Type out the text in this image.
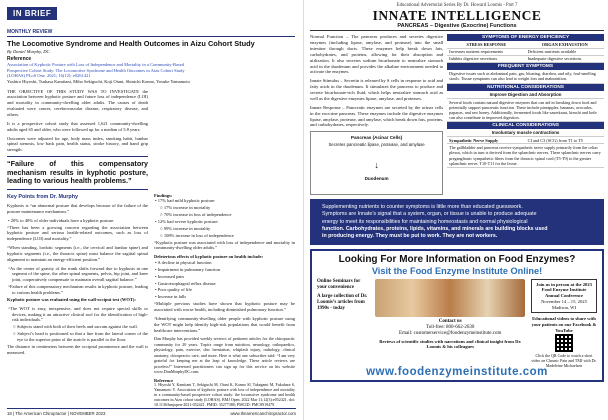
IN BRIEF
MONTHLY REVIEW
The Locomotive Syndrome and Health Outcomes in Aizu Cohort Study
By Daniel Murphy, DC
Reference
Association of Kyphotic Posture with Loss of Independence and Mortality in a Community-Based
Prospective Cohort Study: The Locomotive Syndrome and Health Outcomes in Aizu Cohort Study
(LOHAS) PLoS One. 2021; 16(12): e0261421
Yoshiro Hiyoshi, Tsukasa Kamitani, Miho Sekiguchi, Koji Otani, Shinichi Konno, Yosuke Yamamoto
THE OBJECTIVE OF THIS STUDY WAS TO INVESTIGATE the association between kyphotic posture and future loss of independence (LOI) and mortality in community-dwelling older adults. The causes of death evaluated were cancer, cerebrovascular disease, respiratory disease, and others.
It is a prospective cohort study that assessed 1,621 community-dwelling adults aged 65 and older, who were followed up for a median of 5.8 years.
Outcomes were adjusted for age, body mass index, smoking habit, lumbar spinal stenosis, low back pain, health status, stroke history, and hand grip strength.
“Failure of this compensatory mechanism results in kyphotic posture, leading to various health problems.”
Key Points from Dr. Murphy
Kyphosis is “an abnormal posture that develops because of the failure of the posture maintenance mechanism.”
• 20% to 40% of older individuals have a kyphotic posture.
“There has been a growing concern regarding the association between kyphotic posture and serious health-related outcomes, such as loss of independence (LOI) and mortality.”
“When standing, lordotic segments (i.e., the cervical and lumbar spine) and kyphotic segments (i.e., the thoracic spine) must balance the sagittal spinal alignment to maintain an energy-efficient position.”
“As the center of gravity of the trunk shifts forward due to kyphosis in one segment of the spine, the other spinal segments, pelvis, hip joint, and knee joint, cooperatively compensate to maintain overall sagittal balance.”
“Failure of this compensatory mechanism results in kyphotic posture, leading to various health problems.”
Kyphotic posture was evaluated using the wall-occiput test (WOT):
“The WOT is easy, inexpensive, and does not require special skills or devices, making it an attractive clinical tool for the identification of high-risk individuals.”
○ Subjects stand with both of their heels and sacrum against the wall.
○ Subject’s head is positioned so that a line from the lateral corner of the eye to the superior point of the auricle is parallel to the floor.
The distance in centimeters between the occipital prominence and the wall is measured.
Findings:
• 17% had mild kyphotic posture:
○ 17% increase in mortality
○ 70% increase in loss of independence
• 12% had severe kyphotic posture:
○ 99% increase in mortality
○ 108% increase in loss of independence
“Kyphotic posture was associated with loss of independence and mortality in community-dwelling older adults.”
Deleterious effects of kyphotic posture on health include:
• A decline in physical function
• Impairment in pulmonary function
• Increased pain
• Gastroesophageal reflux disease
• Poor quality of life
• Increase in falls
“Multiple previous studies have shown that kyphotic posture may be associated with worse health, including diminished pulmonary function.”
“Identifying community-dwelling older people with kyphotic posture using the WOT might help identify high-risk populations that would benefit from healthcare interventions.”
Dan Murphy has provided weekly reviews of pertinent articles for the chiropractic community for 20 years. Topics range from nutrition, neurology, orthopaedics, physiology, pain, exercise, disc herniation, whiplash injury, radiology, clinical anatomy, chiropractic care, and more. Here is what one subscriber said: “I am very grateful for keeping me at the leap of knowledge. These article reviews are priceless!” Interested practitioners can sign up for this service on his website www.DanMurphyDC.com.
Reference
1. Hiyoshi Y, Kamitani T, Sekiguchi M, Otani K, Konno SI, Takegami M, Fukuhara S, Yamamoto Y. Association of kyphotic posture with loss of independence and mortality in a community-based prospective cohort study: the locomotive syndrome and health outcomes in Aizu cohort study (LOHAS). BMJ Open. 2022 Mar 11;12(3):e052421. doi: 10.1136/bmjopen-2021-052421. PMID: 35277380; PMCID: PMC8919479.
18 | The American Chiropractor | NOVEMBER 2023	www.theamericanchiropractor.com
Educational Advertorial Series By Dr. Howard Loomis - Part 7
INNATE INTELLIGENCE
PANCREAS – Digestive (Exocrine) Functions
Normal Function – The pancreas produces and secretes digestive enzymes (including lipase, amylase, and protease) into the small intestine through ducts. These enzymes help break down fats, carbohydrates, and proteins, allowing for their absorption and utilization. It also secretes sodium bicarbonate to neutralize stomach acid in the duodenum and provides the alkaline environment needed to activate the enzymes.
Innate Stimulus – Secretin is released by S cells in response to acid and fatty acids in the duodenum. It stimulates the pancreas to produce and secrete bicarbonate-rich fluid, which helps neutralize stomach acid as well as the digestive enzymes lipase, amylase, and proteases.
Innate Response – Pancreatic enzymes are secreted by the acinar cells in the exocrine pancreas. These enzymes include the digestive enzymes lipase, amylase, protease, and amylase, which break down fats, proteins, and carbohydrates, respectively.
Pancreas (Acinar Cells)
Secretes pancreatic lipase, protease, and amylase
↓
Duodenum
SYMPTOMS OF ENERGY DEFICIENCY
STRESS RESPONSE	ORGAN EXHAUSTION
Increases nutrient requirements	Deficient nutrients available
Inhibits digestive secretions	Inadequate digestive secretions
FREQUENT SYMPTOMS
Digestive issues such as abdominal pain, gas, bloating, diarrhea, and oily, foul-smelling stools. Tissue symptoms can also lead to weight loss and malnutrition.
NUTRITIONAL CONSIDERATIONS
Improve Digestion and Absorption
Several foods contain natural digestive enzymes that can aid in breaking down food and potentially support pancreatic function. These include pineapples, bananas, avocados, papayas, and raw honey. Additionally, fermented foods like sauerkraut, kimchi and kefir can also contribute to improved digestion.
CLINICAL CONSIDERATIONS
Involuntary muscle contractions
Sympathetic Nerve Supply	CI and C3 (SCG) from T1 to T5
The gallbladder and pancreas receive sympathetic nerve supply primarily from the celiac plexus, which in turn is derived from the splanchnic nerves. These splanchnic nerves carry preganglionic sympathetic fibers from the thoracic spinal cord (T5-T9) to the greater splanchnic nerve, T10-T11 for the lesser.
Supplementing nutrients to counter symptoms is little more than educated guesswork.
Symptoms are Innate’s signal that a system, organ, or tissue is unable to produce adequate
energy to meet its responsibilities for maintaining homeostasis and normal physiological
function. Carbohydrates, proteins, lipids, vitamins, and minerals are building blocks used
in producing energy. They must be put to work. They are not workers.
Looking For More Information on Food Enzymes?
Visit the Food Enzyme Institute Online!
Online Seminars for your convenience
A large collection of Dr. Loomis’s articles from 1990s - today
Contact us
Toll-free: 800-662-2630
Email: customerservice@foodenzymeinstitute.com
Reviews of scientific studies with narrations and clinical insight from Dr. Loomis & his colleagues
Join us in person at the 2023 Food Enzyme Institute Annual Conference
November 14 – 15, 2025
Madison, WI
Educational videos to share with your patients on our Facebook & YouTube
Click the QR Code to watch a short video on Chronic Pain and TMJ with Dr. Madeleine Michaelsen
www.foodenzymeinstitute.com
